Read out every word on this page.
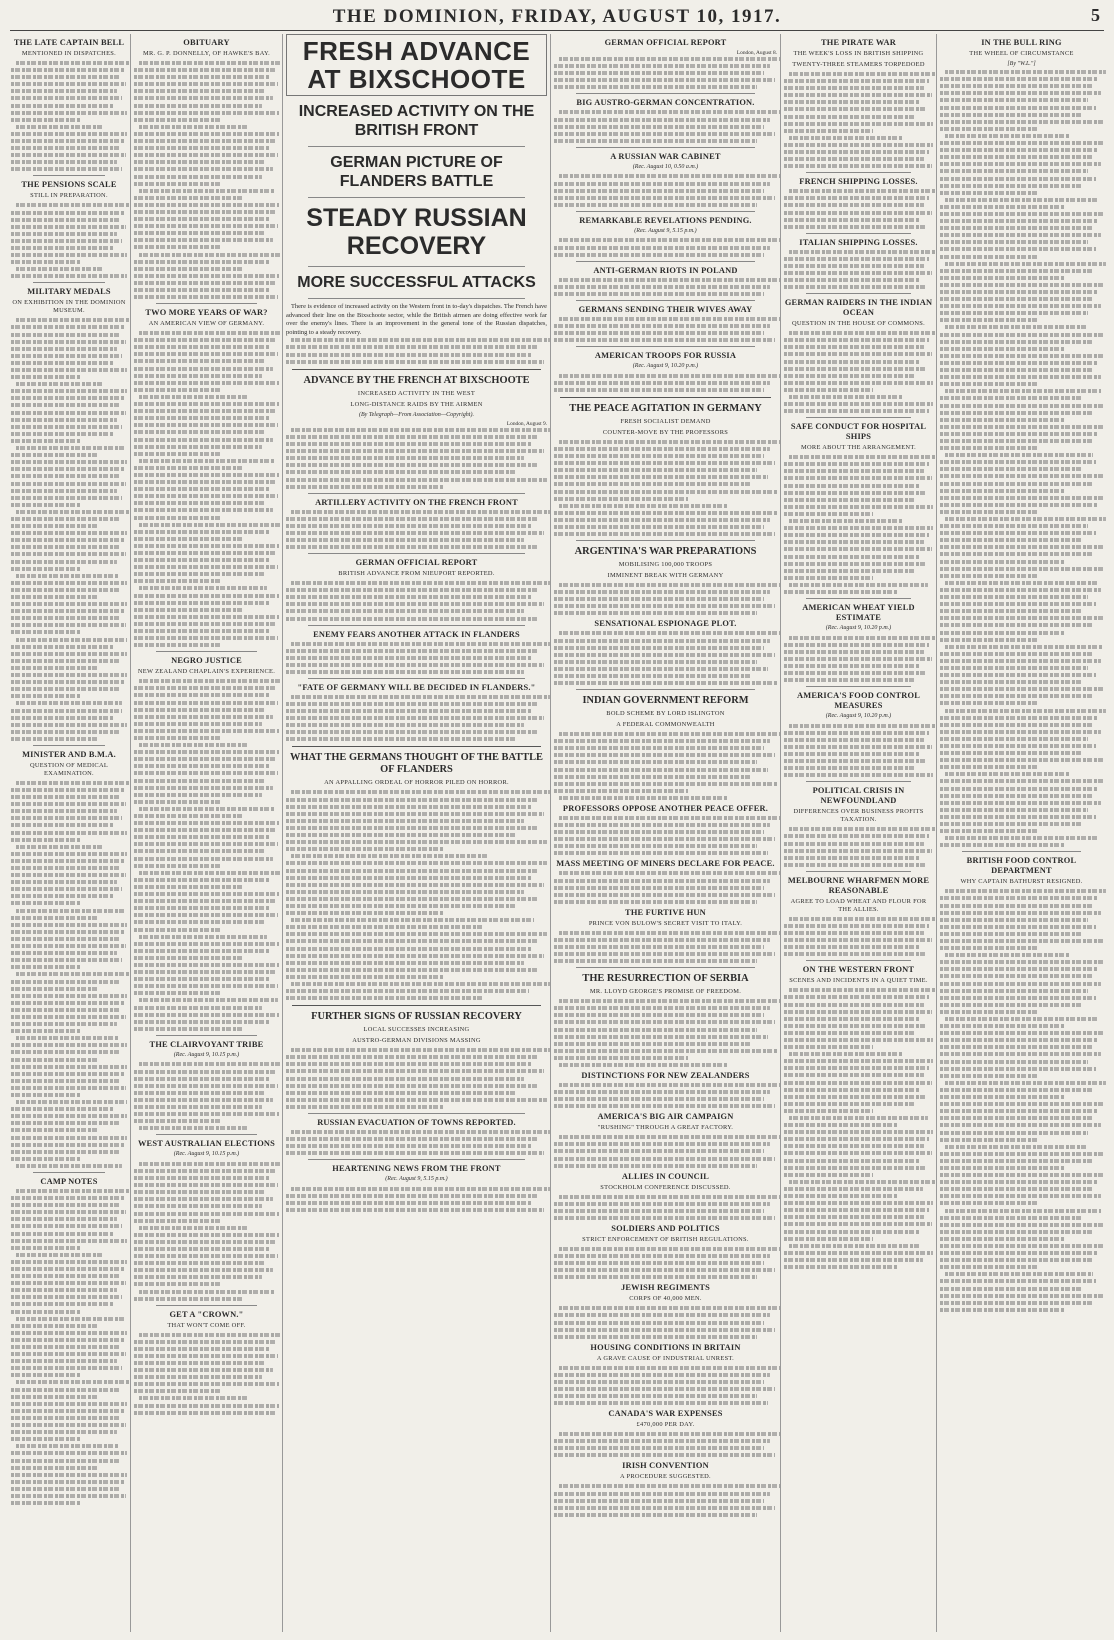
THE DOMINION, FRIDAY, AUGUST 10, 1917.	5
THE LATE CAPTAIN BELL
MENTIONED IN DISPATCHES.
THE PENSIONS SCALE
STILL IN PREPARATION.
MILITARY MEDALS
ON EXHIBITION IN THE DOMINION MUSEUM.
MINISTER AND B.M.A.
QUESTION OF MEDICAL EXAMINATION.
CAMP NOTES
OBITUARY
MR. G. P. DONNELLY, OF HAWKE'S BAY.
TWO MORE YEARS OF WAR?
AN AMERICAN VIEW OF GERMANY.
NEGRO JUSTICE
NEW ZEALAND CHAPLAIN'S EXPERIENCE.
THE CLAIRVOYANT TRIBE
(Rec. August 9, 10.15 p.m.)
WEST AUSTRALIAN ELECTIONS
(Rec. August 9, 10.15 p.m.)
GET A "CROWN."
THAT WON'T COME OFF.
FRESH ADVANCE AT BIXSCHOOTE
INCREASED ACTIVITY ON THE BRITISH FRONT
GERMAN PICTURE OF FLANDERS BATTLE
STEADY RUSSIAN RECOVERY
MORE SUCCESSFUL ATTACKS

There is evidence of increased activity on the Western front in to-day's dispatches. The French have advanced their line on the Bixschoote sector, while the British airmen are doing effective work far over the enemy's lines. There is an improvement in the general tone of the Russian dispatches, pointing to a steady recovery.

ADVANCE BY THE FRENCH AT BIXSCHOOTE
INCREASED ACTIVITY IN THE WEST
LONG-DISTANCE RAIDS BY THE AIRMEN
(By Telegraph—From Association—Copyright).
London, August 9.
ARTILLERY ACTIVITY ON THE FRENCH FRONT
GERMAN OFFICIAL REPORT
BRITISH ADVANCE FROM NIEUPORT REPORTED.
ENEMY FEARS ANOTHER ATTACK IN FLANDERS
"FATE OF GERMANY WILL BE DECIDED IN FLANDERS."
WHAT THE GERMANS THOUGHT OF THE BATTLE OF FLANDERS
AN APPALLING ORDEAL OF HORROR PILED ON HORROR.
FURTHER SIGNS OF RUSSIAN RECOVERY
LOCAL SUCCESSES INCREASING
AUSTRO-GERMAN DIVISIONS MASSING
RUSSIAN EVACUATION OF TOWNS REPORTED.
HEARTENING NEWS FROM THE FRONT
(Rec. August 9, 5.15 p.m.)
GERMAN OFFICIAL REPORT
London, August 8.
BIG AUSTRO-GERMAN CONCENTRATION.
A RUSSIAN WAR CABINET
(Rec. August 10, 0.50 a.m.)
REMARKABLE REVELATIONS PENDING.
(Rec. August 9, 5.15 p.m.)
ANTI-GERMAN RIOTS IN POLAND
GERMANS SENDING THEIR WIVES AWAY
AMERICAN TROOPS FOR RUSSIA
(Rec. August 9, 10.20 p.m.)
THE PEACE AGITATION IN GERMANY
FRESH SOCIALIST DEMAND
COUNTER-MOVE BY THE PROFESSORS
ARGENTINA'S WAR PREPARATIONS
MOBILISING 100,000 TROOPS
IMMINENT BREAK WITH GERMANY
SENSATIONAL ESPIONAGE PLOT.
INDIAN GOVERNMENT REFORM
BOLD SCHEME BY LORD ISLINGTON
A FEDERAL COMMONWEALTH
PROFESSORS OPPOSE ANOTHER PEACE OFFER.
MASS MEETING OF MINERS DECLARE FOR PEACE.
THE FURTIVE HUN
PRINCE VON BULOW'S SECRET VISIT TO ITALY.
THE RESURRECTION OF SERBIA
MR. LLOYD GEORGE'S PROMISE OF FREEDOM.
DISTINCTIONS FOR NEW ZEALANDERS
AMERICA'S BIG AIR CAMPAIGN
"RUSHING" THROUGH A GREAT FACTORY.
ALLIES IN COUNCIL
STOCKHOLM CONFERENCE DISCUSSED.
SOLDIERS AND POLITICS
STRICT ENFORCEMENT OF BRITISH REGULATIONS.
JEWISH REGIMENTS
CORPS OF 40,000 MEN.
HOUSING CONDITIONS IN BRITAIN
A GRAVE CAUSE OF INDUSTRIAL UNREST.
CANADA'S WAR EXPENSES
£470,000 PER DAY.
IRISH CONVENTION
A PROCEDURE SUGGESTED.
THE PIRATE WAR
THE WEEK'S LOSS IN BRITISH SHIPPING
TWENTY-THREE STEAMERS TORPEDOED
FRENCH SHIPPING LOSSES.
ITALIAN SHIPPING LOSSES.
GERMAN RAIDERS IN THE INDIAN OCEAN
QUESTION IN THE HOUSE OF COMMONS.
SAFE CONDUCT FOR HOSPITAL SHIPS
MORE ABOUT THE ARRANGEMENT.
AMERICAN WHEAT YIELD ESTIMATE
(Rec. August 9, 10.20 p.m.)
AMERICA'S FOOD CONTROL MEASURES
(Rec. August 9, 10.20 p.m.)
POLITICAL CRISIS IN NEWFOUNDLAND
DIFFERENCES OVER BUSINESS PROFITS TAXATION.
MELBOURNE WHARFMEN MORE REASONABLE
AGREE TO LOAD WHEAT AND FLOUR FOR THE ALLIES.
ON THE WESTERN FRONT
SCENES AND INCIDENTS IN A QUIET TIME.
IN THE BULL RING
THE WHEEL OF CIRCUMSTANCE
[By "W.L."]
BRITISH FOOD CONTROL DEPARTMENT
WHY CAPTAIN BATHURST RESIGNED.
